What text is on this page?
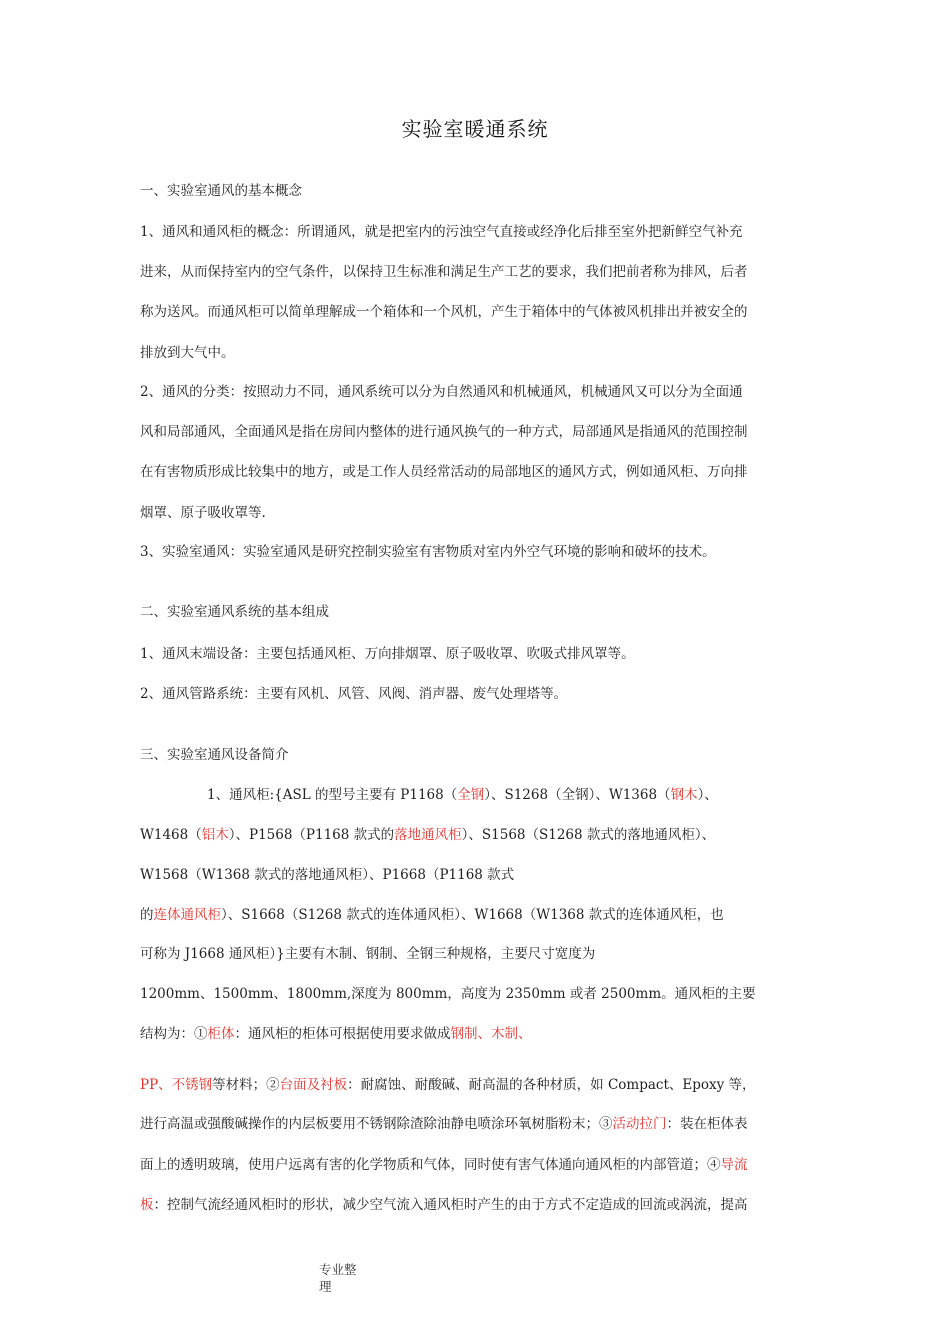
实验室暖通系统
一、实验室通风的基本概念
1、通风和通风柜的概念：所谓通风，就是把室内的污浊空气直接或经净化后排至室外把新鲜空气补充
进来，从而保持室内的空气条件，以保持卫生标准和满足生产工艺的要求，我们把前者称为排风，后者
称为送风。而通风柜可以简单理解成一个箱体和一个风机，产生于箱体中的气体被风机排出并被安全的
排放到大气中。
2、通风的分类：按照动力不同，通风系统可以分为自然通风和机械通风，机械通风又可以分为全面通
风和局部通风，全面通风是指在房间内整体的进行通风换气的一种方式，局部通风是指通风的范围控制
在有害物质形成比较集中的地方，或是工作人员经常活动的局部地区的通风方式，例如通风柜、万向排
烟罩、原子吸收罩等.
3、实验室通风：实验室通风是研究控制实验室有害物质对室内外空气环境的影响和破坏的技术。
二、实验室通风系统的基本组成
1、通风末端设备：主要包括通风柜、万向排烟罩、原子吸收罩、吹吸式排风罩等。
2、通风管路系统：主要有风机、风管、风阀、消声器、废气处理塔等。
三、实验室通风设备简介
1、通风柜:{ASL 的型号主要有 P1168（全钢）、S1268（全钢）、W1368（钢木）、
W1468（铝木）、P1568（P1168 款式的落地通风柜）、S1568（S1268 款式的落地通风柜）、
W1568（W1368 款式的落地通风柜）、P1668（P1168 款式
的连体通风柜）、S1668（S1268 款式的连体通风柜）、W1668（W1368 款式的连体通风柜，也
可称为 J1668 通风柜）}主要有木制、钢制、全钢三种规格，主要尺寸宽度为
1200mm、1500mm、1800mm,深度为 800mm，高度为 2350mm 或者 2500mm。通风柜的主要
结构为：①柜体：通风柜的柜体可根据使用要求做成钢制、木制、
PP、不锈钢等材料；②台面及衬板：耐腐蚀、耐酸碱、耐高温的各种材质，如 Compact、Epoxy 等，
进行高温或强酸碱操作的内层板要用不锈钢除渣除油静电喷涂环氧树脂粉末；③活动拉门：装在柜体表
面上的透明玻璃，使用户远离有害的化学物质和气体，同时使有害气体通向通风柜的内部管道；④导流
板：控制气流经通风柜时的形状，减少空气流入通风柜时产生的由于方式不定造成的回流或涡流，提高
专业整
理
